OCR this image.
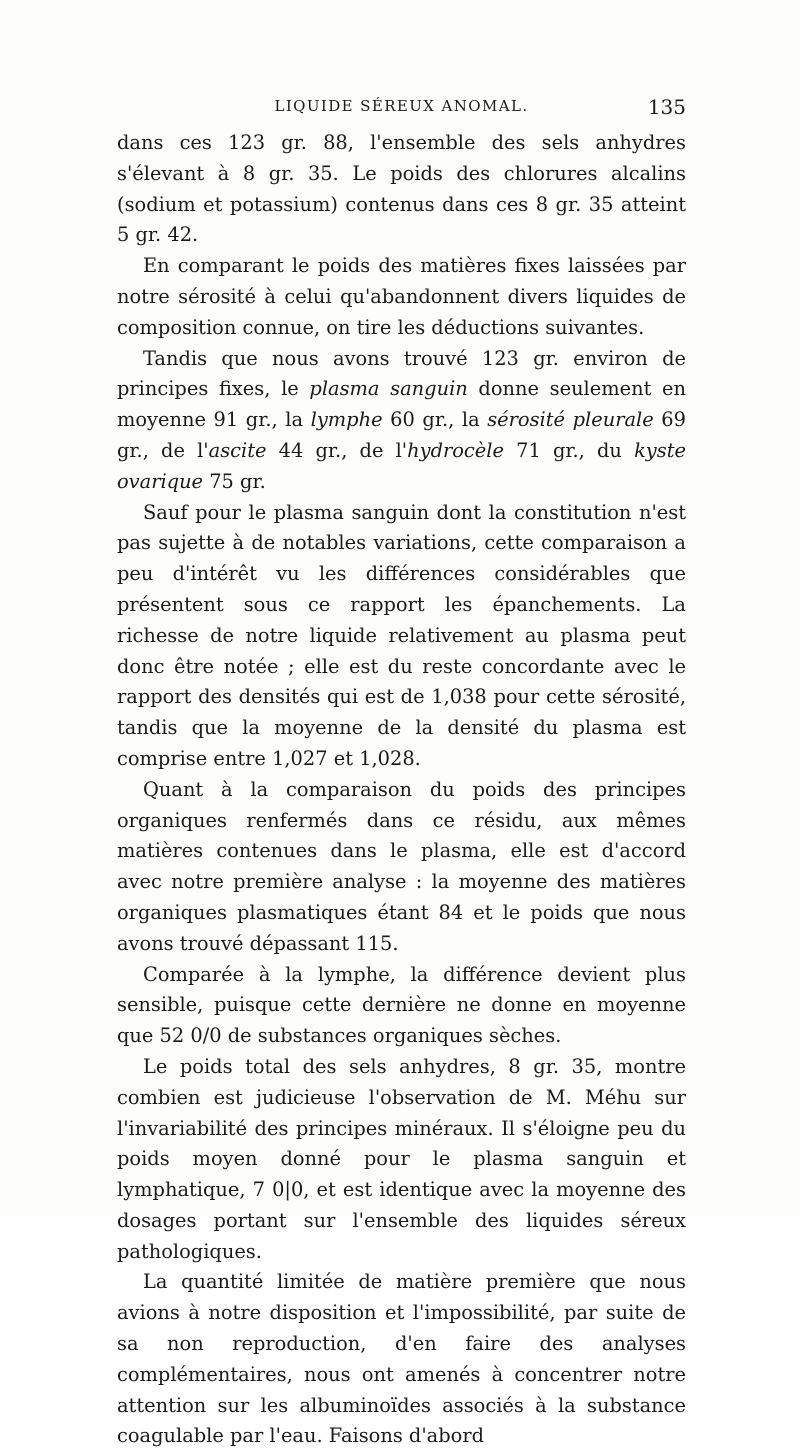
LIQUIDE SÉREUX ANOMAL.	135

dans ces 123 gr. 88, l'ensemble des sels anhydres s'élevant à 8 gr. 35. Le poids des chlorures alcalins (sodium et potassium) contenus dans ces 8 gr. 35 atteint 5 gr. 42.

En comparant le poids des matières fixes laissées par notre sérosité à celui qu'abandonnent divers liquides de composition connue, on tire les déductions suivantes.

Tandis que nous avons trouvé 123 gr. environ de principes fixes, le plasma sanguin donne seulement en moyenne 91 gr., la lymphe 60 gr., la sérosité pleurale 69 gr., de l'ascite 44 gr., de l'hydrocèle 71 gr., du kyste ovarique 75 gr.

Sauf pour le plasma sanguin dont la constitution n'est pas sujette à de notables variations, cette comparaison a peu d'intérêt vu les différences considérables que présentent sous ce rapport les épanchements. La richesse de notre liquide relativement au plasma peut donc être notée ; elle est du reste concordante avec le rapport des densités qui est de 1,038 pour cette sérosité, tandis que la moyenne de la densité du plasma est comprise entre 1,027 et 1,028.

Quant à la comparaison du poids des principes organiques renfermés dans ce résidu, aux mêmes matières contenues dans le plasma, elle est d'accord avec notre première analyse : la moyenne des matières organiques plasmatiques étant 84 et le poids que nous avons trouvé dépassant 115.

Comparée à la lymphe, la différence devient plus sensible, puisque cette dernière ne donne en moyenne que 52 0/0 de substances organiques sèches.

Le poids total des sels anhydres, 8 gr. 35, montre combien est judicieuse l'observation de M. Méhu sur l'invariabilité des principes minéraux. Il s'éloigne peu du poids moyen donné pour le plasma sanguin et lymphatique, 7 0|0, et est identique avec la moyenne des dosages portant sur l'ensemble des liquides séreux pathologiques.

La quantité limitée de matière première que nous avions à notre disposition et l'impossibilité, par suite de sa non reproduction, d'en faire des analyses complémentaires, nous ont amenés à concentrer notre attention sur les albuminoïdes associés à la substance coagulable par l'eau. Faisons d'abord
